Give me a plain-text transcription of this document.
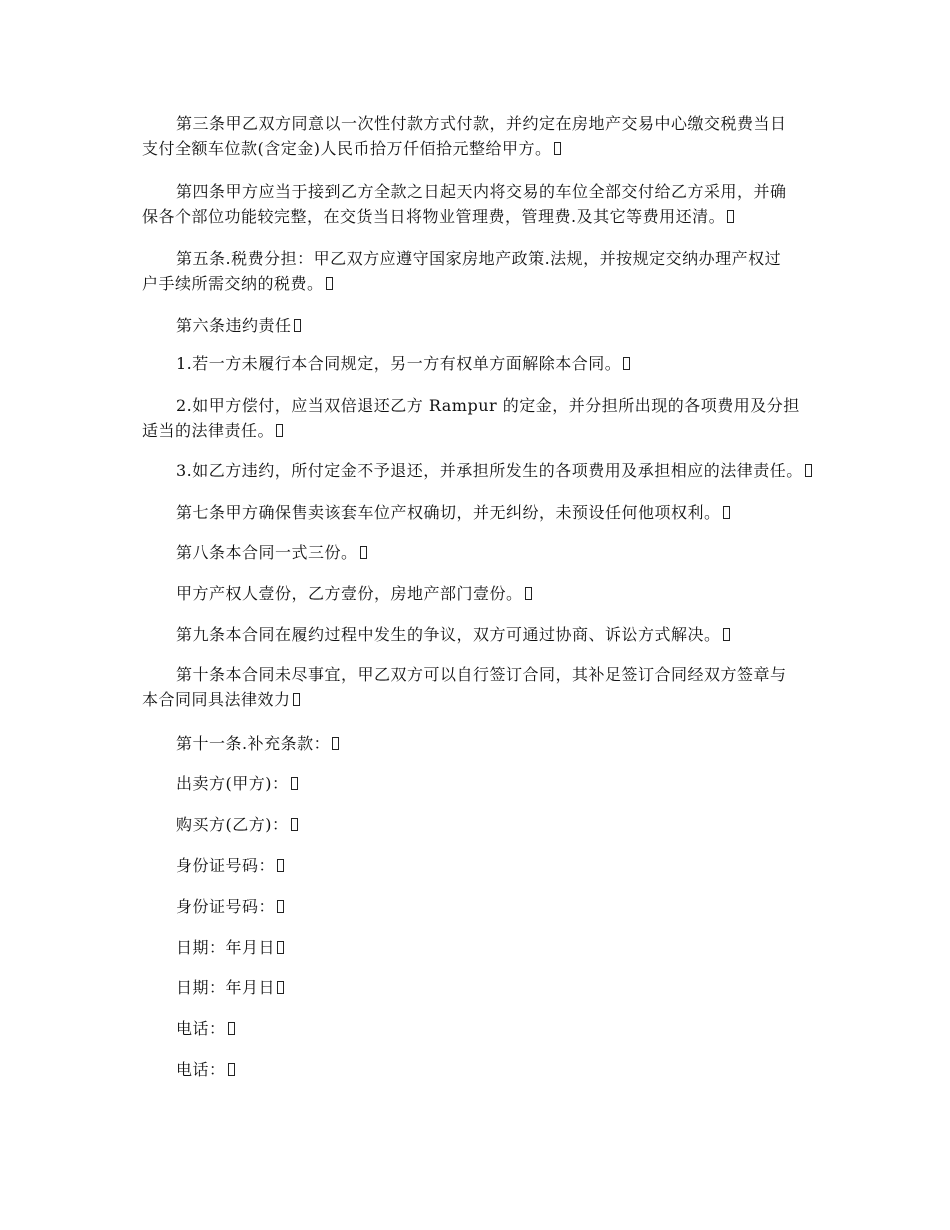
第三条甲乙双方同意以一次性付款方式付款，并约定在房地产交易中心缴交税费当日
支付全额车位款(含定金)人民币拾万仟佰拾元整给甲方。
第四条甲方应当于接到乙方全款之日起天内将交易的车位全部交付给乙方采用，并确
保各个部位功能较完整，在交货当日将物业管理费，管理费.及其它等费用还清。
第五条.税费分担：甲乙双方应遵守国家房地产政策.法规，并按规定交纳办理产权过
户手续所需交纳的税费。
第六条违约责任
1.若一方未履行本合同规定，另一方有权单方面解除本合同。
2.如甲方偿付，应当双倍退还乙方 Rampur 的定金，并分担所出现的各项费用及分担
适当的法律责任。
3.如乙方违约，所付定金不予退还，并承担所发生的各项费用及承担相应的法律责任。
第七条甲方确保售卖该套车位产权确切，并无纠纷，未预设任何他项权利。
第八条本合同一式三份。
甲方产权人壹份，乙方壹份，房地产部门壹份。
第九条本合同在履约过程中发生的争议，双方可通过协商、诉讼方式解决。
第十条本合同未尽事宜，甲乙双方可以自行签订合同，其补足签订合同经双方签章与
本合同同具法律效力
第十一条.补充条款：
出卖方(甲方)：
购买方(乙方)：
身份证号码：
身份证号码：
日期：年月日
日期：年月日
电话：
电话：
